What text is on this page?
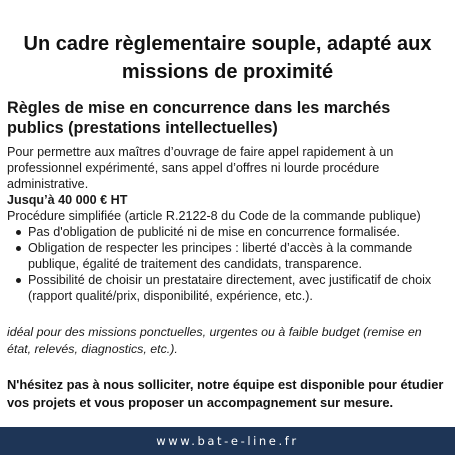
Un cadre règlementaire souple, adapté aux missions de proximité
Règles de mise en concurrence dans les marchés publics (prestations intellectuelles)

Pour permettre aux maîtres d’ouvrage de faire appel rapidement à un professionnel expérimenté, sans appel d’offres ni lourde procédure administrative.

Jusqu’à 40 000 € HT

Procédure simplifiée (article R.2122-8 du Code de la commande publique)

Pas d'obligation de publicité ni de mise en concurrence formalisée.
Obligation de respecter les principes : liberté d’accès à la commande publique, égalité de traitement des candidats, transparence.
Possibilité de choisir un prestataire directement, avec justificatif de choix (rapport qualité/prix, disponibilité, expérience, etc.).

idéal pour des missions ponctuelles, urgentes ou à faible budget (remise en état, relevés, diagnostics, etc.).

N'hésitez pas à nous solliciter, notre équipe est disponible pour étudier vos projets et vous proposer un accompagnement sur mesure.

www.bat-e-line.fr
